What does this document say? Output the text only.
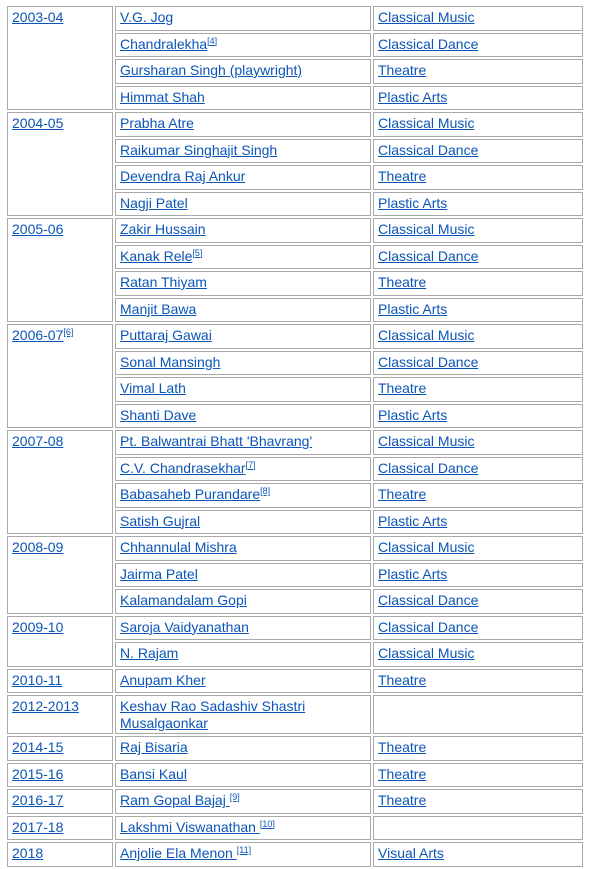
2003-04	V.G. Jog	Classical Music
	Chandralekha[4]	Classical Dance
	Gursharan Singh (playwright)	Theatre
	Himmat Shah	Plastic Arts
2004-05	Prabha Atre	Classical Music
	Raikumar Singhajit Singh	Classical Dance
	Devendra Raj Ankur	Theatre
	Nagji Patel	Plastic Arts
2005-06	Zakir Hussain	Classical Music
	Kanak Rele[5]	Classical Dance
	Ratan Thiyam	Theatre
	Manjit Bawa	Plastic Arts
2006-07[6]	Puttaraj Gawai	Classical Music
	Sonal Mansingh	Classical Dance
	Vimal Lath	Theatre
	Shanti Dave	Plastic Arts
2007-08	Pt. Balwantrai Bhatt 'Bhavrang'	Classical Music
	C.V. Chandrasekhar[7]	Classical Dance
	Babasaheb Purandare[8]	Theatre
	Satish Gujral	Plastic Arts
2008-09	Chhannulal Mishra	Classical Music
	Jairma Patel	Plastic Arts
	Kalamandalam Gopi	Classical Dance
2009-10	Saroja Vaidyanathan	Classical Dance
	N. Rajam	Classical Music
2010-11	Anupam Kher	Theatre
2012-2013	Keshav Rao Sadashiv Shastri Musalgaonkar	
2014-15	Raj Bisaria	Theatre
2015-16	Bansi Kaul	Theatre
2016-17	Ram Gopal Bajaj [9]	Theatre
2017-18	Lakshmi Viswanathan [10]	
2018	Anjolie Ela Menon [11]	Visual Arts
